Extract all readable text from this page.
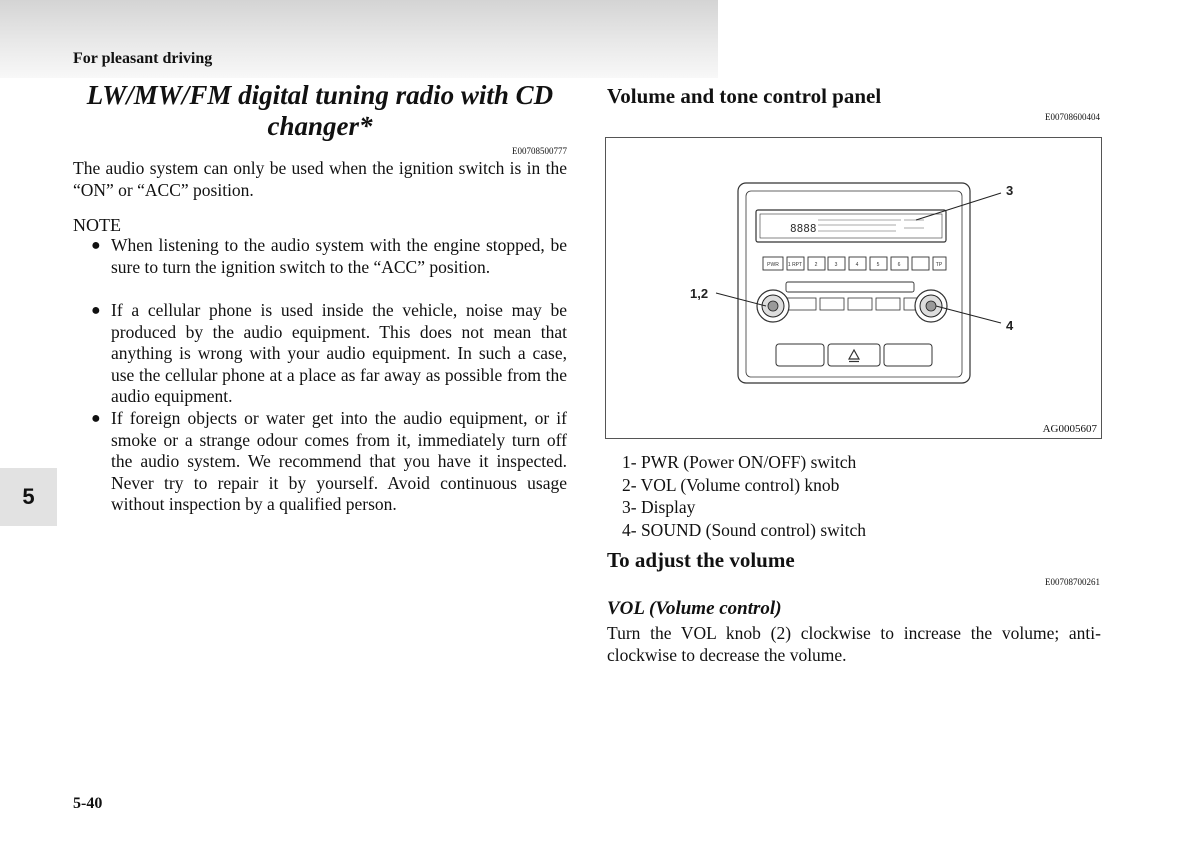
For pleasant driving
LW/MW/FM digital tuning radio with CD changer*
E00708500777
The audio system can only be used when the ignition switch is in the “ON” or “ACC” position.
NOTE
● When listening to the audio system with the engine stopped, be sure to turn the ignition switch to the “ACC” position.
● If a cellular phone is used inside the vehicle, noise may be produced by the audio equipment. This does not mean that anything is wrong with your audio equipment. In such a case, use the cellular phone at a place as far away as possible from the audio equipment.
● If foreign objects or water get into the audio equipment, or if smoke or a strange odour comes from it, immediately turn off the audio system. We recommend that you have it inspected. Never try to repair it by yourself. Avoid continuous usage without inspection by a qualified person.
5
Volume and tone control panel
E00708600404
8888
PWR 1 RPT	2	3	4	5	6	TP
3
1,2
4
AG0005607
1- PWR (Power ON/OFF) switch
2- VOL (Volume control) knob
3- Display
4- SOUND (Sound control) switch
To adjust the volume
E00708700261
VOL (Volume control)
Turn the VOL knob (2) clockwise to increase the volume; anti-clockwise to decrease the volume.
5-40
